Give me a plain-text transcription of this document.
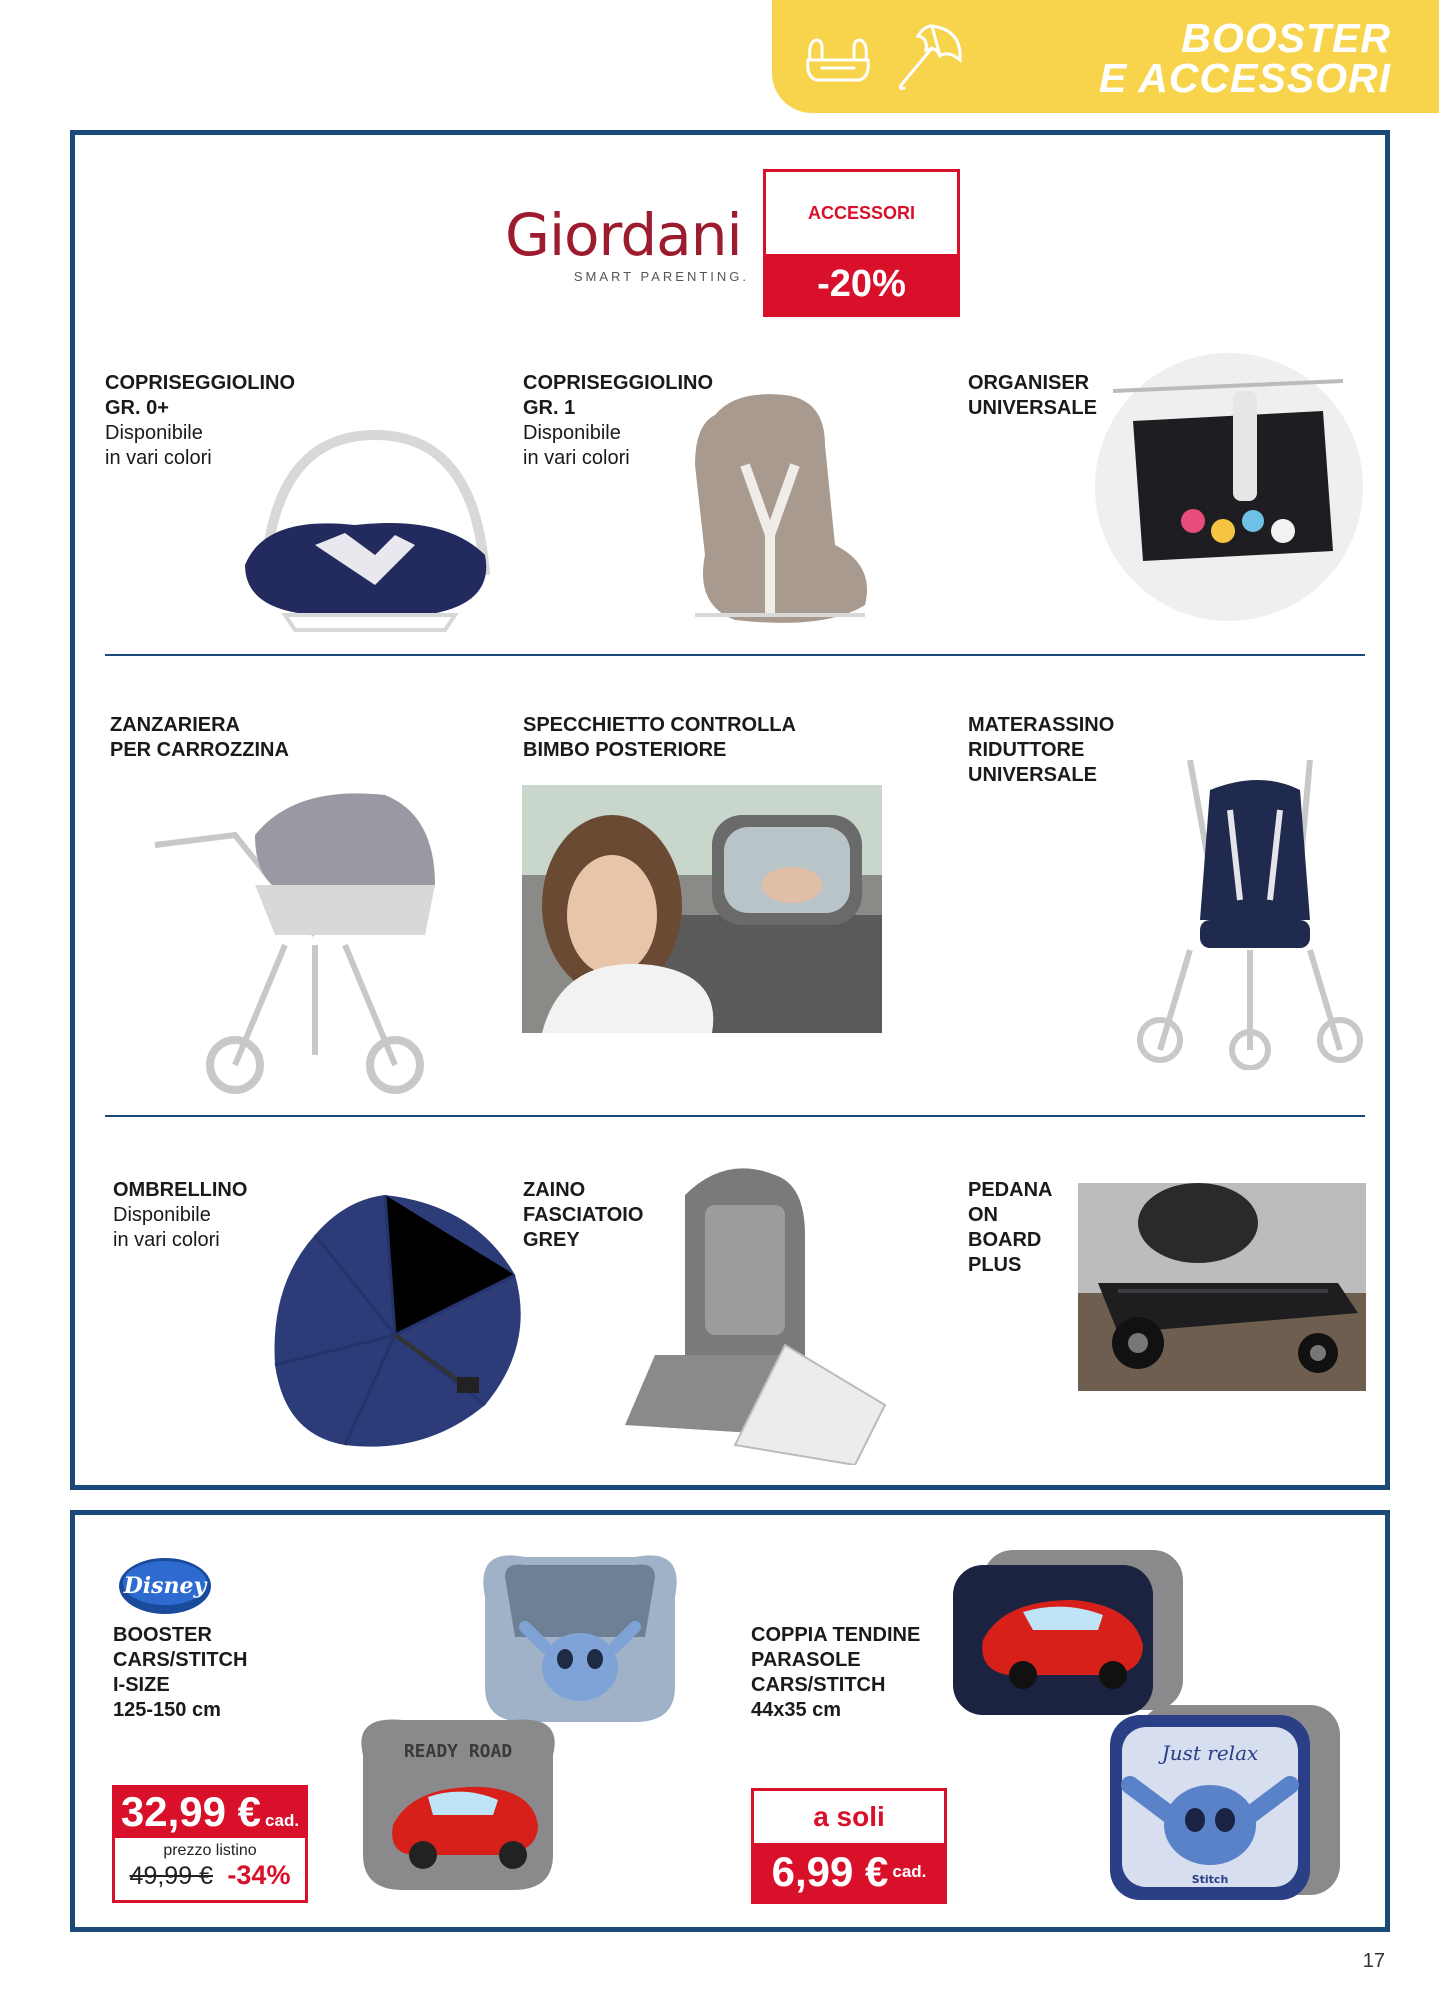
BOOSTER
E ACCESSORI
Giordani
SMART PARENTING.
ACCESSORI
-20%
COPRISEGGIOLINO
GR. 0+
Disponibile
in vari colori
COPRISEGGIOLINO
GR. 1
Disponibile
in vari colori
ORGANISER
UNIVERSALE
ZANZARIERA
PER CARROZZINA
SPECCHIETTO CONTROLLA
BIMBO POSTERIORE
MATERASSINO
RIDUTTORE
UNIVERSALE
OMBRELLINO
Disponibile
in vari colori
ZAINO
FASCIATOIO
GREY
PEDANA
ON
BOARD
PLUS
Disney
BOOSTER
CARS/STITCH
I-SIZE
125-150 cm
32,99 € cad.
prezzo listino
49,99 € -34%
READY ROAD
COPPIA TENDINE
PARASOLE
CARS/STITCH
44x35 cm
a soli
6,99 € cad.
Just relax
Stitch
17
